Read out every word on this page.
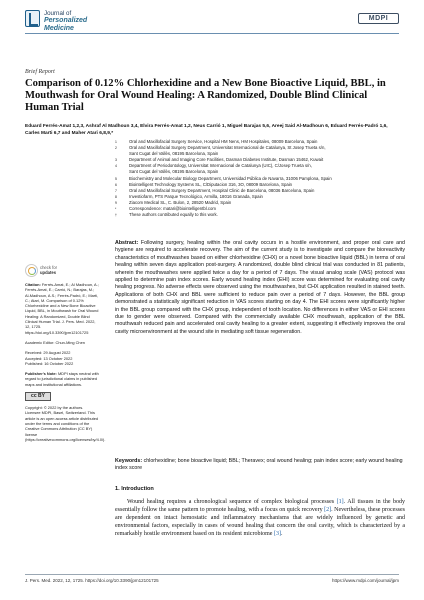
Journal of
Personalized
Medicine
MDPI
Brief Report
Comparison of 0.12% Chlorhexidine and a New Bone Bioactive Liquid, BBL, in Mouthwash for Oral Wound Healing: A Randomized, Double Blind Clinical Human Trial
Eduard Ferrés-Amat 1,2,3, Ashraf Al Madhoun 3,4, Elvira Ferrés-Amat 1,2, Neus Carrió 1, Miguel Barajas 5,6, Areej Said Al-Madhoun 6, Eduard Ferrés-Padró 1,6, Carles Marti 6,7 and Maher Atari 6,8,9,*
1	Oral and Maxillofacial Surgery Service, Hospital HM Nens, HM Hospitales, 08009 Barcelona, Spain
2	Oral and Maxillofacial Surgery Department, Universitat Internacional de Catalunya, St Josep Trueta s/n,
Sant Cugat del Vallès, 08195 Barcelona, Spain
3	Department of Animal and Imaging Core Facilities, Dasman Diabetes Institute, Dasman 15462, Kuwait
4	Department of Periodontology, Universitat Internacional de Catalunya (UIC), C/Josep Trueta s/n,
Sant Cugat del Vallès, 08195 Barcelona, Spain
5	Biochemistry and Molecular Biology Department, Universidad Pública de Navarra, 31006 Pamplona, Spain
6	Biointelligent Technology Systems SL, C/Diputacion 316, 3O, 08009 Barcelona, Spain
7	Oral and Maxillofacial Surgery Department, Hospital Clinic de Barcelona, 08036 Barcelona, Spain
8	Investiofarm, PTS Parque Tecnológico, Armilla, 18016 Granada, Spain
9	Ziacom Medical SL, C. Bulon, 2, 28520 Madrid, Spain
*	Correspondence: matari@biointelligentbl.com
†	These authors contributed equally to this work.
check for
updates
Citation: Ferrés-Amat, E.; Al Madhoun, A.; Ferrés-Amat, E.; Carrió, N.; Barajas, M.; Al-Madhoun, A.S.; Ferrés-Padró, E.; Marti, C.; Atari, M. Comparison of 0.12% Chlorhexidine and a New Bone Bioactive Liquid, BBL, in Mouthwash for Oral Wound Healing: A Randomized, Double Blind Clinical Human Trial. J. Pers. Med. 2022, 12, 1725. https://doi.org/10.3390/jpm12101725
Academic Editor: Chun-Ming Chen
Received: 29 August 2022
Accepted: 13 October 2022
Published: 16 October 2022
Publisher's Note: MDPI stays neutral with regard to jurisdictional claims in published maps and institutional affiliations.
cc BY
Copyright: © 2022 by the authors. Licensee MDPI, Basel, Switzerland. This article is an open access article distributed under the terms and conditions of the Creative Commons Attribution (CC BY) license (https://creativecommons.org/licenses/by/4.0/).
Abstract: Following surgery, healing within the oral cavity occurs in a hostile environment, and proper oral care and hygiene are required to accelerate recovery. The aim of the current study is to investigate and compare the bioreactivity characteristics of mouthwashes based on either chlorhexidine (CHX) or a novel bone bioactive liquid (BBL) in terms of oral healing within seven days application post-surgery. A randomized, double blind clinical trial was conducted in 81 patients, wherein the mouthwashes were applied twice a day for a period of 7 days. The visual analog scale (VAS) protocol was applied to determine pain index scores. Early wound healing index (EHI) score was determined for evaluating oral cavity healing progress. No adverse effects were observed using the mouthwashes, but CHX application resulted in stained teeth. Applications of both CHX and BBL were sufficient to reduce pain over a period of 7 days. However, the BBL group demonstrated a statistically significant reduction in VAS scores starting on day 4. The EHI scores were significantly higher in the BBL group compared with the CHX group, independent of tooth location. No differences in either VAS or EHI scores due to gender were observed. Compared with the commercially available CHX mouthwash, application of the BBL mouthwash reduced pain and accelerated oral cavity healing to a greater extent, suggesting it effectively improves the oral cavity microenvironment at the wound site in mediating soft tissue regeneration.
Keywords: chlorhexidine; bone bioactive liquid; BBL; Theravex; oral wound healing; pain index score; early wound healing index score
1. Introduction
Wound healing requires a chronological sequence of complex biological processes [1]. All tissues in the body essentially follow the same pattern to promote healing, with a focus on quick recovery [2]. Nevertheless, these processes are dependent on intact hemostatic and inflammatory mechanisms that are widely influenced by genetic and environmental factors, especially in cases of wound healing that concern the oral cavity, which is characterized by a remarkably hostile environment based on its resident microbiome [3].
J. Pers. Med. 2022, 12, 1725. https://doi.org/10.3390/jpm12101725	https://www.mdpi.com/journal/jpm
